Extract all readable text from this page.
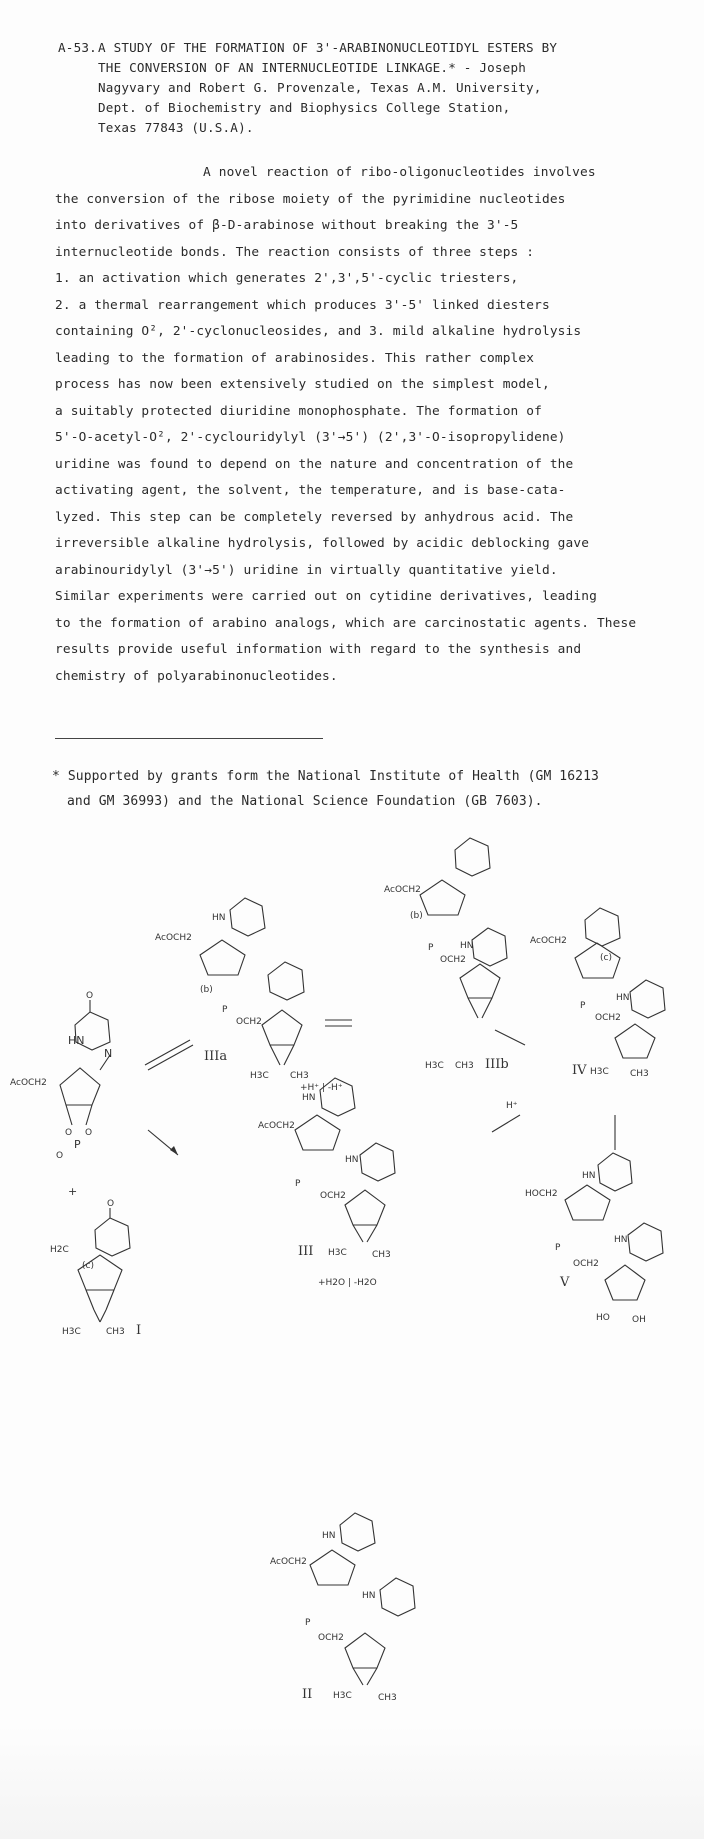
A-53.A STUDY OF THE FORMATION OF 3'-ARABINONUCLEOTIDYL ESTERS BY
THE CONVERSION OF AN INTERNUCLEOTIDE LINKAGE.* - Joseph
Nagyvary and Robert G. Provenzale, Texas A.M. University,
Dept. of Biochemistry and Biophysics College Station,
Texas 77843 (U.S.A).
A novel reaction of ribo-oligonucleotides involves
the conversion of the ribose moiety of the pyrimidine nucleotides
into derivatives of β-D-arabinose without breaking the 3'-5
internucleotide bonds. The reaction consists of three steps :
1. an activation which generates 2',3',5'-cyclic triesters,
2. a thermal rearrangement which produces 3'-5' linked diesters
containing O², 2'-cyclonucleosides, and 3. mild alkaline hydrolysis
leading to the formation of arabinosides. This rather complex
process has now been extensively studied on the simplest model,
a suitably protected diuridine monophosphate. The formation of
5'-O-acetyl-O², 2'-cyclouridylyl (3'→5') (2',3'-O-isopropylidene)
uridine was found to depend on the nature and concentration of the
activating agent, the solvent, the temperature, and is base-cata-
lyzed. This step can be completely reversed by anhydrous acid. The
irreversible alkaline hydrolysis, followed by acidic deblocking gave
arabinouridylyl (3'→5') uridine in virtually quantitative yield.
Similar experiments were carried out on cytidine derivatives, leading
to the formation of arabino analogs, which are carcinostatic agents. These
results provide useful information with regard to the synthesis and
chemistry of polyarabinonucleotides.
* Supported by grants form the National Institute of Health (GM 16213
and GM 36993) and the National Science Foundation (GB 7603).
HN
N
O
AcOCH2
O O
P
O
+
O
H2C
(c)
H3C	CH3 I
HN
AcOCH2
(b)
P
OCH2
H3C CH3
IIIa
+H⁺ | -H⁺
AcOCH2
(b)
P
OCH2
HN
H3C CH3 IIIb
AcOCH2
(c)
P
OCH2
HN
IV H3C CH3
H⁺
HN
AcOCH2
P
OCH2
HN
III H3C	CH3
+H2O | -H2O
HN
HOCH2
P
OCH2
HN
V
HO OH
HN
AcOCH2
P
HN
OCH2
II H3C	CH3
